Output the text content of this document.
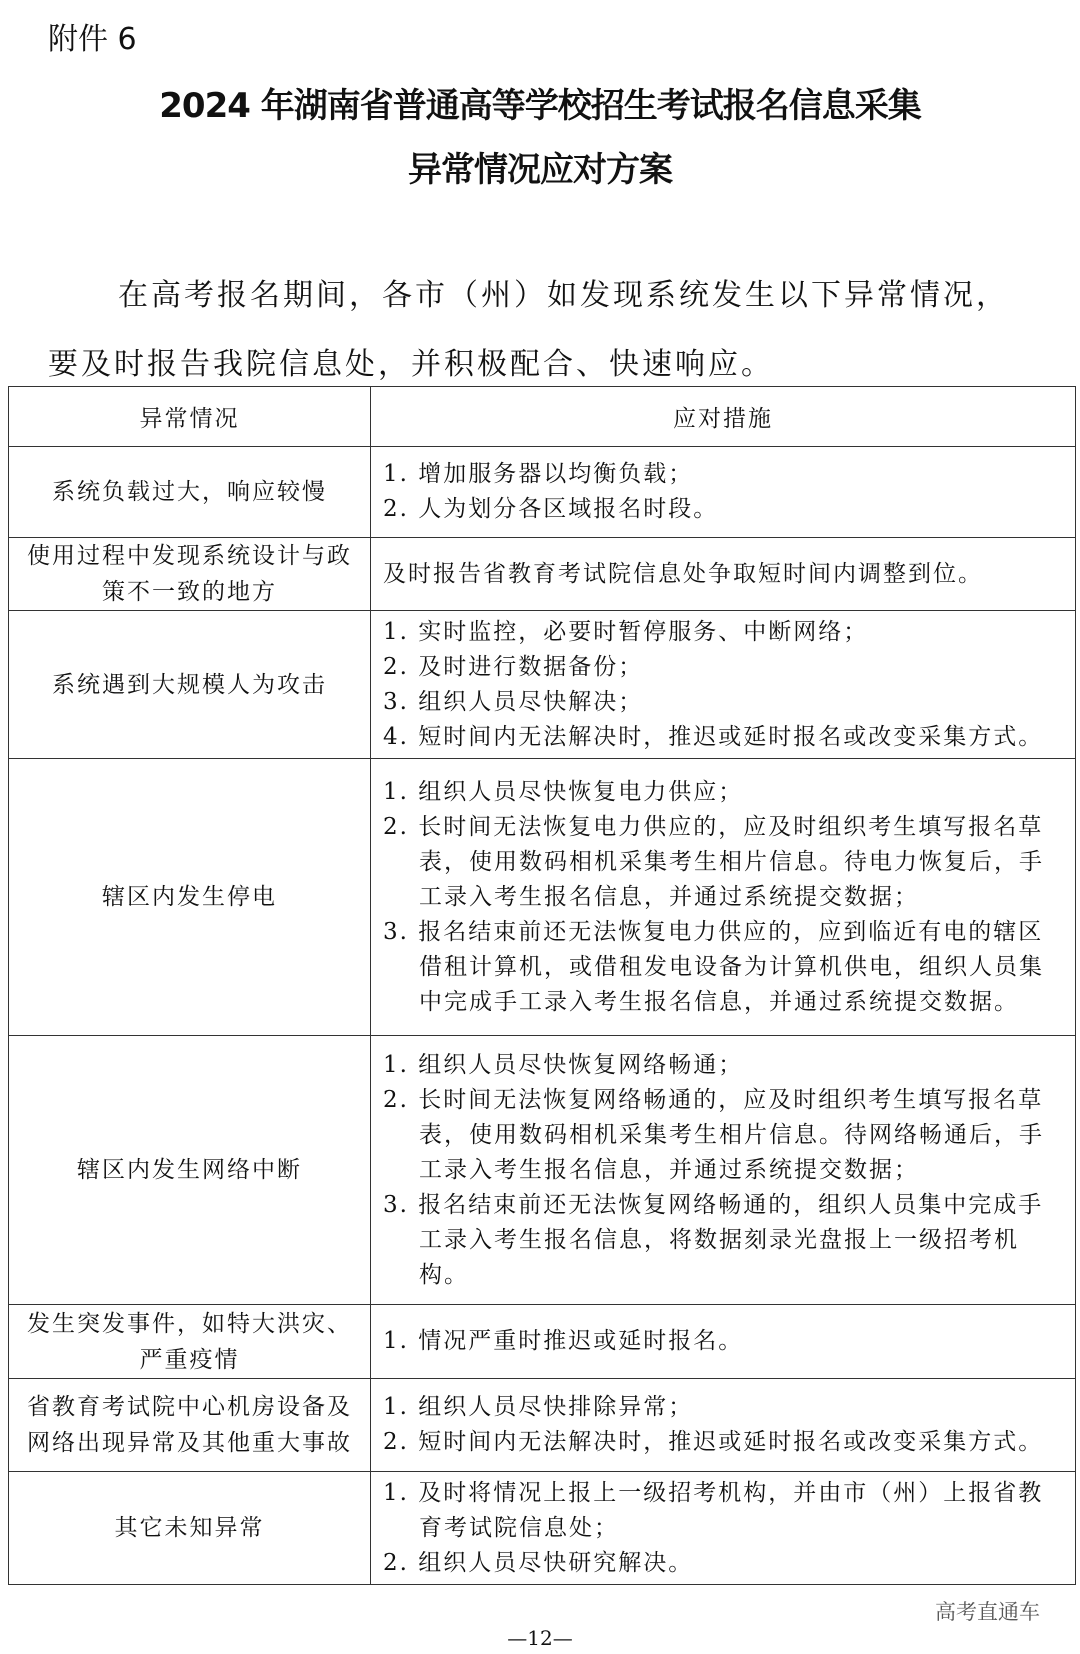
附件 6
2024 年湖南省普通高等学校招生考试报名信息采集
异常情况应对方案
在高考报名期间，各市（州）如发现系统发生以下异常情况，
要及时报告我院信息处，并积极配合、快速响应。
异常情况	应对措施
系统负载过大，响应较慢	1. 增加服务器以均衡负载；
2. 人为划分各区域报名时段。

使用过程中发现系统设计与政策不一致的地方	及时报告省教育考试院信息处争取短时间内调整到位。

系统遇到大规模人为攻击	1. 实时监控，必要时暂停服务、中断网络；
2. 及时进行数据备份；
3. 组织人员尽快解决；
4. 短时间内无法解决时，推迟或延时报名或改变采集方式。

辖区内发生停电	1. 组织人员尽快恢复电力供应；
2. 长时间无法恢复电力供应的，应及时组织考生填写报名草表，使用数码相机采集考生相片信息。待电力恢复后，手工录入考生报名信息，并通过系统提交数据；
3. 报名结束前还无法恢复电力供应的，应到临近有电的辖区借租计算机，或借租发电设备为计算机供电，组织人员集中完成手工录入考生报名信息，并通过系统提交数据。

辖区内发生网络中断	1. 组织人员尽快恢复网络畅通；
2. 长时间无法恢复网络畅通的，应及时组织考生填写报名草表，使用数码相机采集考生相片信息。待网络畅通后，手工录入考生报名信息，并通过系统提交数据；
3. 报名结束前还无法恢复网络畅通的，组织人员集中完成手工录入考生报名信息，将数据刻录光盘报上一级招考机构。

发生突发事件，如特大洪灾、严重疫情	1. 情况严重时推迟或延时报名。

省教育考试院中心机房设备及网络出现异常及其他重大事故	1. 组织人员尽快排除异常；
2. 短时间内无法解决时，推迟或延时报名或改变采集方式。

其它未知异常	1. 及时将情况上报上一级招考机构，并由市（州）上报省教育考试院信息处；
2. 组织人员尽快研究解决。
高考直通车
—12—
